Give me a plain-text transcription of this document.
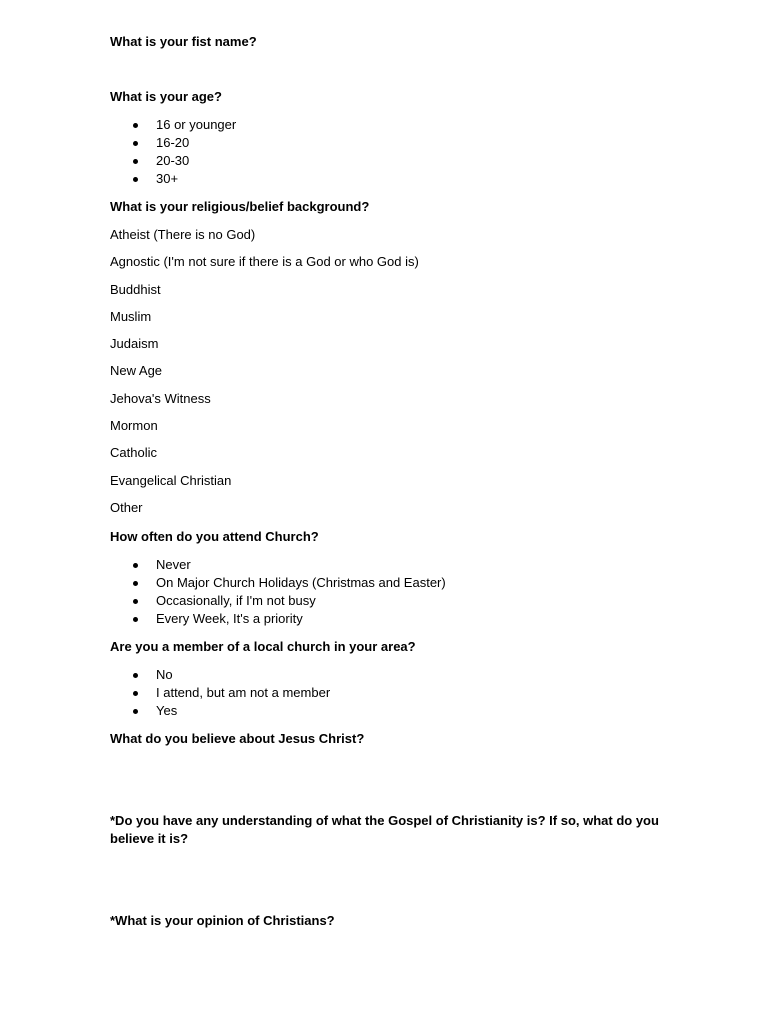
What is your fist name?

What is your age?

16 or younger
16-20
20-30
30+

What is your religious/belief background?

Atheist (There is no God)

Agnostic (I'm not sure if there is a God or who God is)

Buddhist

Muslim

Judaism

New Age

Jehova's Witness

Mormon

Catholic

Evangelical Christian

Other

How often do you attend Church?

Never
On Major Church Holidays (Christmas and Easter)
Occasionally, if I'm not busy
Every Week, It's a priority

Are you a member of a local church in your area?

No
I attend, but am not a member
Yes

What do you believe about Jesus Christ?

*Do you have any understanding of what the Gospel of Christianity is? If so, what do you believe it is?

*What is your opinion of Christians?
